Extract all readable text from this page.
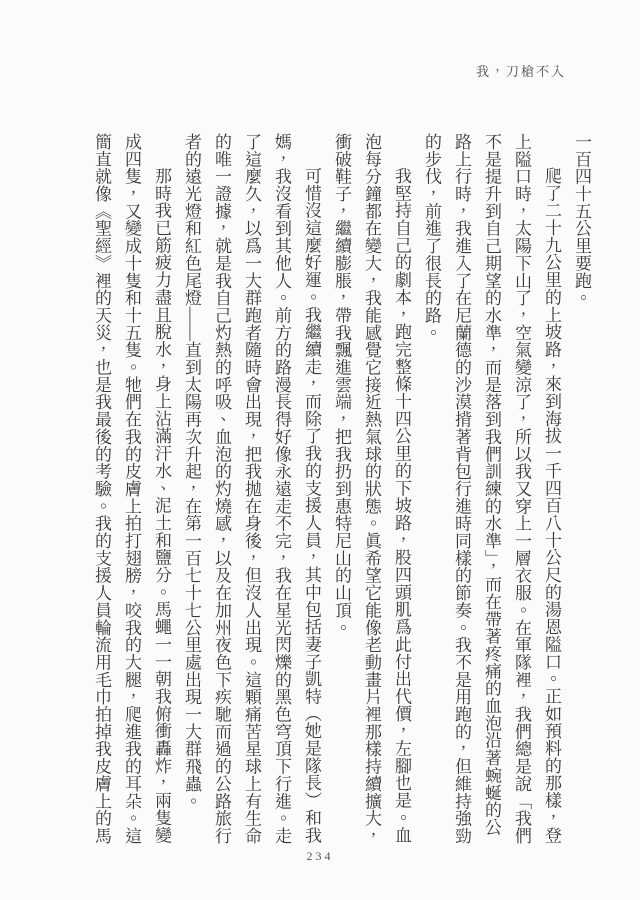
我，刀槍不入

一百四十五公里要跑。

爬了二十九公里的上坡路，來到海拔一千四百八十公尺的湯恩隘口。正如預料的那樣，登上隘口時，太陽下山了，空氣變涼了，所以我又穿上一層衣服。在軍隊裡，我們總是說「我們不是提升到自己期望的水準，而是落到我們訓練的水準」，而在帶著疼痛的血泡沿著蜿蜒的公路上行時，我進入了在尼蘭德的沙漠揹著背包行進時同樣的節奏。我不是用跑的，但維持強勁的步伐，前進了很長的路。

我堅持自己的劇本，跑完整條十四公里的下坡路，股四頭肌爲此付出代價，左腳也是。血泡每分鐘都在變大，我能感覺它接近熱氣球的狀態。眞希望它能像老動畫片裡那樣持續擴大，衝破鞋子，繼續膨脹，帶我飄進雲端，把我扔到惠特尼山的山頂。

可惜沒這麼好運。我繼續走，而除了我的支援人員，其中包括妻子凱特（她是隊長）和我媽，我沒看到其他人。前方的路漫長得好像永遠走不完，我在星光閃爍的黑色穹頂下行進。走了這麼久，以爲一大群跑者隨時會出現，把我拋在身後，但沒人出現。這顆痛苦星球上有生命的唯一證據，就是我自己灼熱的呼吸、血泡的灼燒感，以及在加州夜色下疾馳而過的公路旅行者的遠光燈和紅色尾燈——直到太陽再次升起，在第一百七十七公里處出現一大群飛蟲。

那時我已筋疲力盡且脫水，身上沾滿汗水、泥土和鹽分。馬蠅一一朝我俯衝轟炸，兩隻變成四隻，又變成十隻和十五隻。牠們在我的皮膚上拍打翅膀，咬我的大腿，爬進我的耳朵。這簡直就像《聖經》裡的天災，也是我最後的考驗。我的支援人員輪流用毛巾拍掉我皮膚上的馬

234
